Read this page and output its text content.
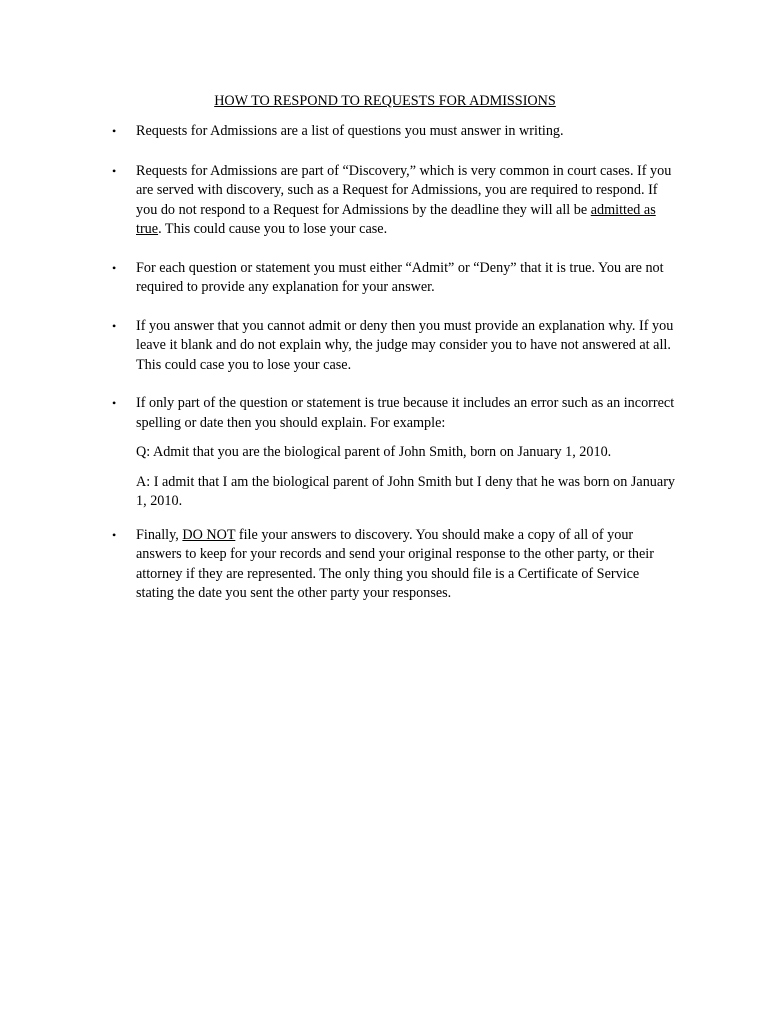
HOW TO RESPOND TO REQUESTS FOR ADMISSIONS
• Requests for Admissions are a list of questions you must answer in writing.
• Requests for Admissions are part of “Discovery,” which is very common in court cases. If you are served with discovery, such as a Request for Admissions, you are required to respond. If you do not respond to a Request for Admissions by the deadline they will all be admitted as true. This could cause you to lose your case.
• For each question or statement you must either “Admit” or “Deny” that it is true. You are not required to provide any explanation for your answer.
• If you answer that you cannot admit or deny then you must provide an explanation why. If you leave it blank and do not explain why, the judge may consider you to have not answered at all. This could case you to lose your case.
• If only part of the question or statement is true because it includes an error such as an incorrect spelling or date then you should explain. For example:
Q: Admit that you are the biological parent of John Smith, born on January 1, 2010.
A: I admit that I am the biological parent of John Smith but I deny that he was born on January 1, 2010.
• Finally, DO NOT file your answers to discovery. You should make a copy of all of your answers to keep for your records and send your original response to the other party, or their attorney if they are represented. The only thing you should file is a Certificate of Service stating the date you sent the other party your responses.
